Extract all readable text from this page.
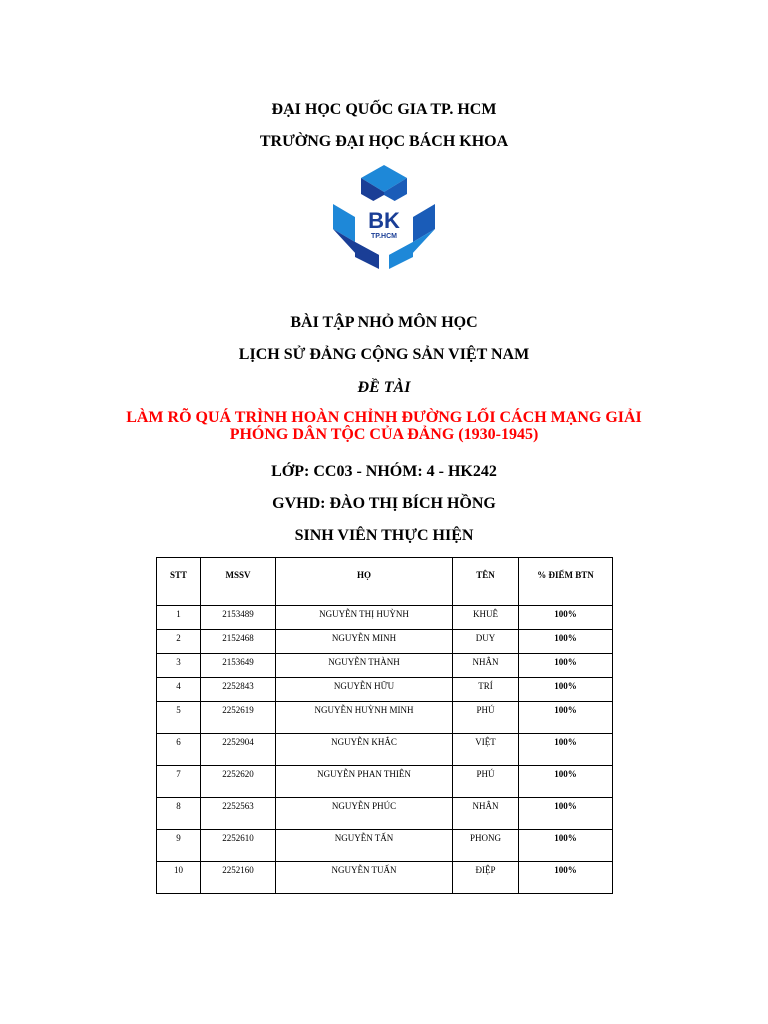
ĐẠI HỌC QUỐC GIA TP. HCM
TRƯỜNG ĐẠI HỌC BÁCH KHOA
BK
TP.HCM
BÀI TẬP NHỎ MÔN HỌC
LỊCH SỬ ĐẢNG CỘNG SẢN VIỆT NAM
ĐỀ TÀI
LÀM RÕ QUÁ TRÌNH HOÀN CHỈNH ĐƯỜNG LỐI CÁCH MẠNG GIẢI
PHÓNG DÂN TỘC CỦA ĐẢNG (1930-1945)
LỚP: CC03 - NHÓM: 4 - HK242
GVHD: ĐÀO THỊ BÍCH HỒNG
SINH VIÊN THỰC HIỆN
STT	MSSV	HỌ	TÊN	% ĐIỂM BTN
1	2153489	NGUYỄN THỊ HUỲNH	KHUÊ	100%
2	2152468	NGUYỄN MINH	DUY	100%
3	2153649	NGUYỄN THÀNH	NHÂN	100%
4	2252843	NGUYỄN HỮU	TRÍ	100%
5	2252619	NGUYỄN HUỲNH MINH	PHÚ	100%
6	2252904	NGUYỄN KHẮC	VIỆT	100%
7	2252620	NGUYỄN PHAN THIÊN	PHÚ	100%
8	2252563	NGUYỄN PHÚC	NHÂN	100%
9	2252610	NGUYỄN TẤN	PHONG	100%
10	2252160	NGUYỄN TUẤN	ĐIỆP	100%
